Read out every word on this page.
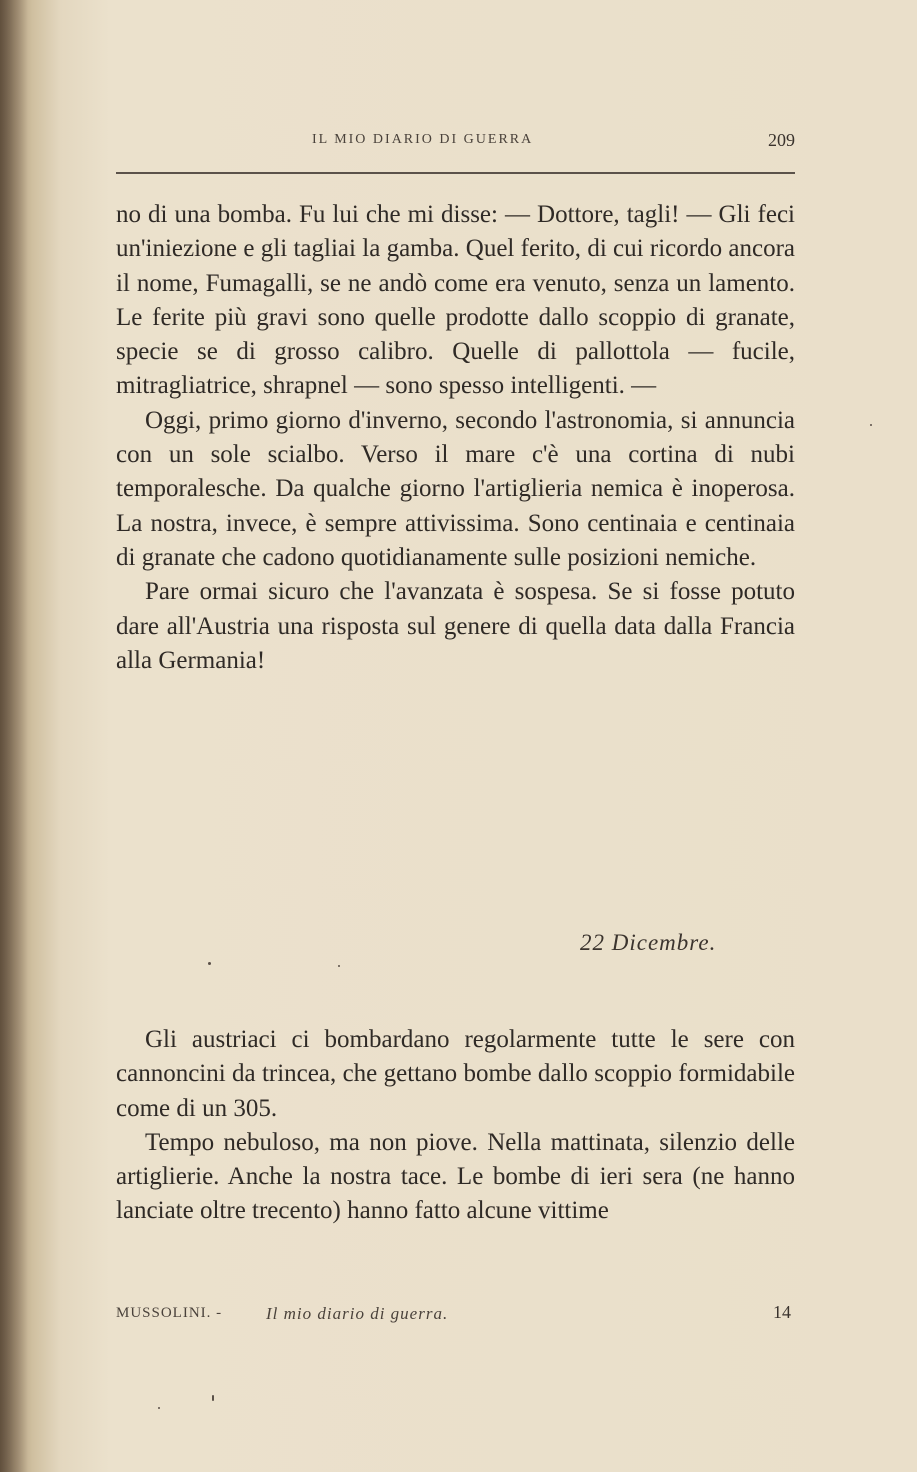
IL MIO DIARIO DI GUERRA	209

no di una bomba. Fu lui che mi disse: — Dottore, tagli! — Gli feci un'iniezione e gli tagliai la gamba. Quel ferito, di cui ricordo ancora il nome, Fumagalli, se ne andò come era venuto, senza un lamento. Le ferite più gravi sono quelle prodotte dallo scoppio di granate, specie se di grosso calibro. Quelle di pallottola — fucile, mitragliatrice, shrapnel — sono spesso intelligenti. —

Oggi, primo giorno d'inverno, secondo l'astronomia, si annuncia con un sole scialbo. Verso il mare c'è una cortina di nubi temporalesche. Da qualche giorno l'artiglieria nemica è inoperosa. La nostra, invece, è sempre attivissima. Sono centinaia e centinaia di granate che cadono quotidianamente sulle posizioni nemiche.

Pare ormai sicuro che l'avanzata è sospesa. Se si fosse potuto dare all'Austria una risposta sul genere di quella data dalla Francia alla Germania!

22 Dicembre.

Gli austriaci ci bombardano regolarmente tutte le sere con cannoncini da trincea, che gettano bombe dallo scoppio formidabile come di un 305.

Tempo nebuloso, ma non piove. Nella mattinata, silenzio delle artiglierie. Anche la nostra tace. Le bombe di ieri sera (ne hanno lanciate oltre trecento) hanno fatto alcune vittime

MUSSOLINI. -	Il mio diario di guerra.	14
